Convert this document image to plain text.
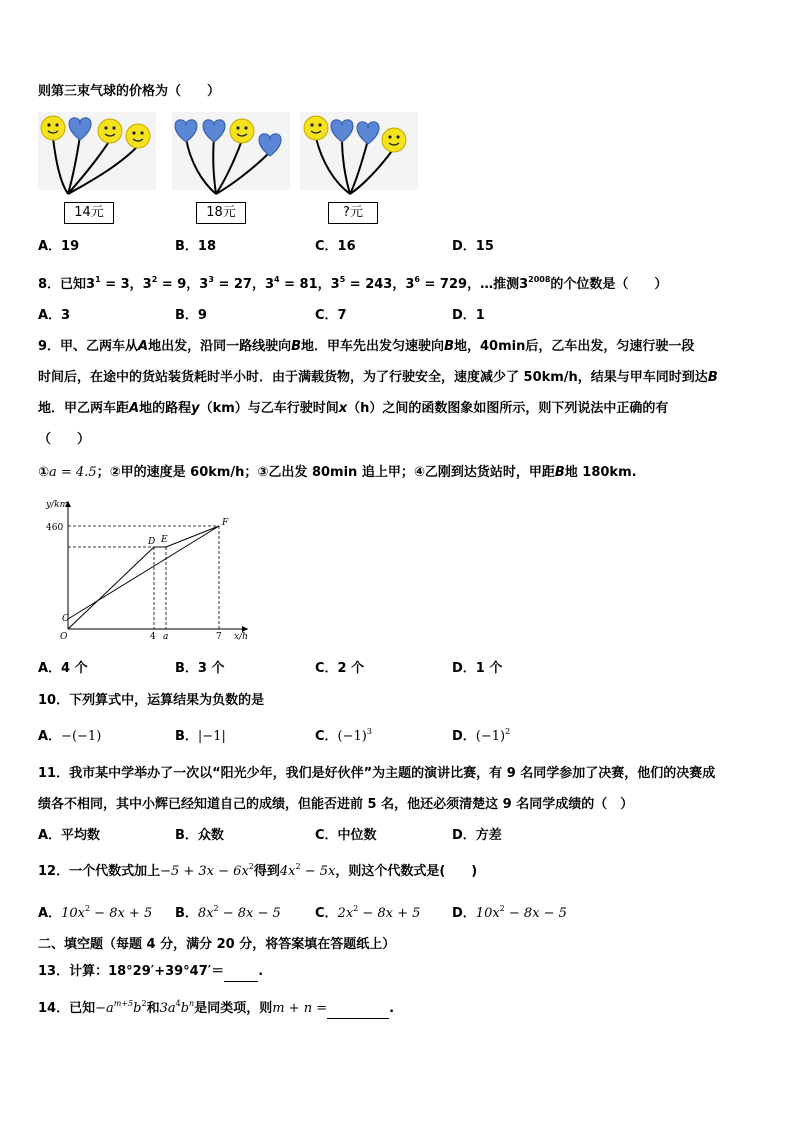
则第三束气球的价格为（　　）
14元	18元	?元
A．19	B．18	C．16	D．15
8．已知$3^1 = 3$，$3^2 = 9$，$3^3 = 27$，$3^4 = 81$，$3^5 = 243$，$3^6 = 729$，…推测$3^{2008}$的个位数是（　　）
A．3	B．9	C．7	D．1
9．甲、乙两车从A地出发，沿同一路线驶向B地．甲车先出发匀速驶向B地，40min后，乙车出发，匀速行驶一段
时间后，在途中的货站装货耗时半小时．由于满载货物，为了行驶安全，速度减少了 50km/h，结果与甲车同时到达B
地．甲乙两车距A地的路程y（km）与乙车行驶时间x（h）之间的函数图象如图所示，则下列说法中正确的有
（　　）
①a = 4.5；②甲的速度是 60km/h；③乙出发 80min 追上甲；④乙刚到达货站时，甲距B地 180km.
y/km
x/h
460
O
C
D E
F
4 a	7
A．4 个	B．3 个	C．2 个	D．1 个
10．下列算式中，运算结果为负数的是
A．−(−1)	B．|−1|	C．$(-1)^3$	D．$(-1)^2$
11．我市某中学举办了一次以“阳光少年，我们是好伙伴”为主题的演讲比赛，有 9 名同学参加了决赛，他们的决赛成
绩各不相同，其中小辉已经知道自己的成绩，但能否进前 5 名，他还必须清楚这 9 名同学成绩的（　）
A．平均数	B．众数	C．中位数	D．方差
12．一个代数式加上$-5 + 3x - 6x^2$得到$4x^2 - 5x$，则这个代数式是(　　)
A．$10x^2 - 8x + 5$ B．$8x^2 - 8x - 5$	C．$2x^2 - 8x + 5$ D．$10x^2 - 8x - 5$
二、填空题（每题 4 分，满分 20 分，将答案填在答题纸上）
13．计算：18°29′+39°47′＝	.
14．已知$-a^{m+5}b^2$和$3a^4b^n$是同类项，则m + n =	.
